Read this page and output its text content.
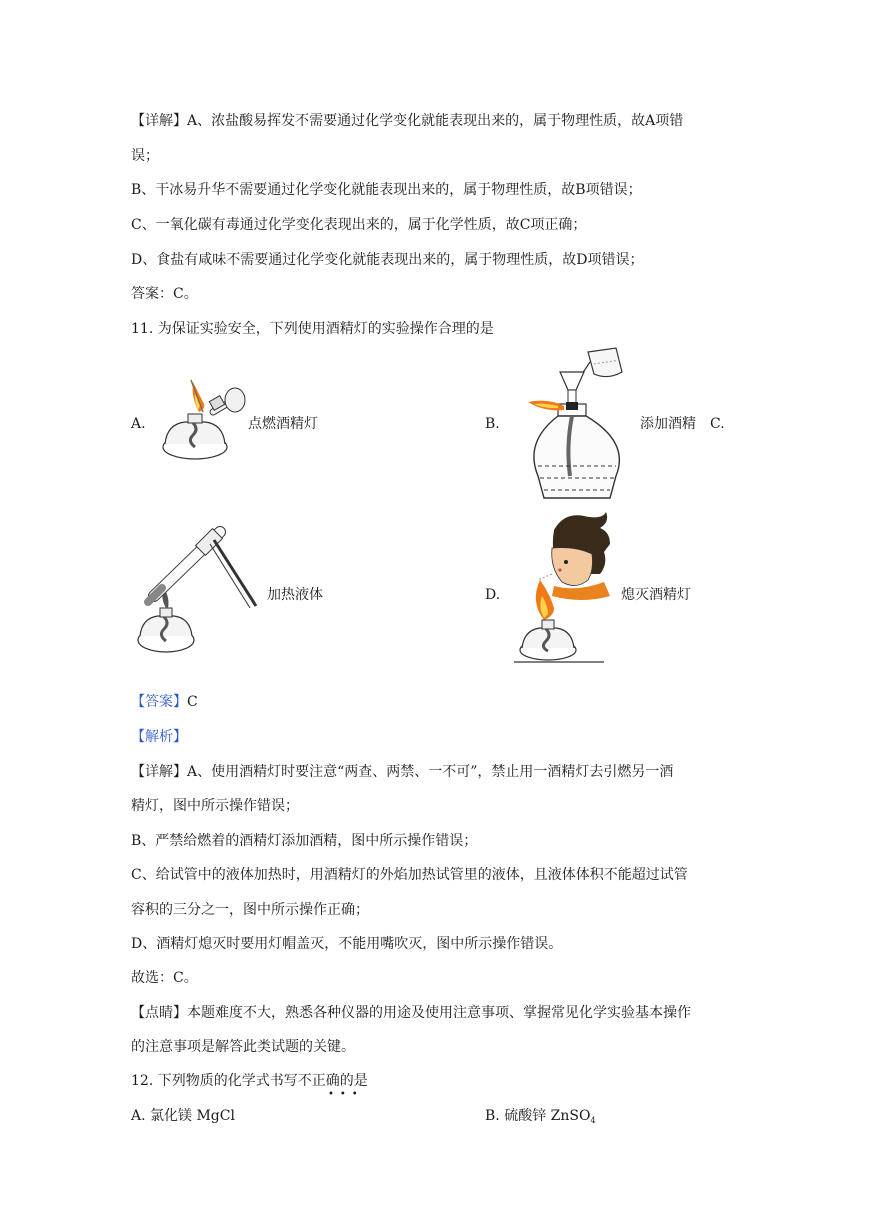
【详解】A、浓盐酸易挥发不需要通过化学变化就能表现出来的，属于物理性质，故A项错
误；
B、干冰易升华不需要通过化学变化就能表现出来的，属于物理性质，故B项错误；
C、一氧化碳有毒通过化学变化表现出来的，属于化学性质，故C项正确；
D、食盐有咸味不需要通过化学变化就能表现出来的，属于物理性质，故D项错误；
答案：C。
11. 为保证实验安全，下列使用酒精灯的实验操作合理的是
A.	点燃酒精灯	B.	添加酒精 C.
加热液体	D.	熄灭酒精灯
【答案】C
【解析】
【详解】A、使用酒精灯时要注意“两查、两禁、一不可”，禁止用一酒精灯去引燃另一酒
精灯，图中所示操作错误；
B、严禁给燃着的酒精灯添加酒精，图中所示操作错误；
C、给试管中的液体加热时，用酒精灯的外焰加热试管里的液体，且液体体积不能超过试管
容积的三分之一，图中所示操作正确；
D、酒精灯熄灭时要用灯帽盖灭，不能用嘴吹灭，图中所示操作错误。
故选：C。
【点睛】本题难度不大，熟悉各种仪器的用途及使用注意事项、掌握常见化学实验基本操作
的注意事项是解答此类试题的关键。
12. 下列物质的化学式书写不正确的是
•••
A. 氯化镁 MgCl	B. 硫酸锌 ZnSO$_4$
